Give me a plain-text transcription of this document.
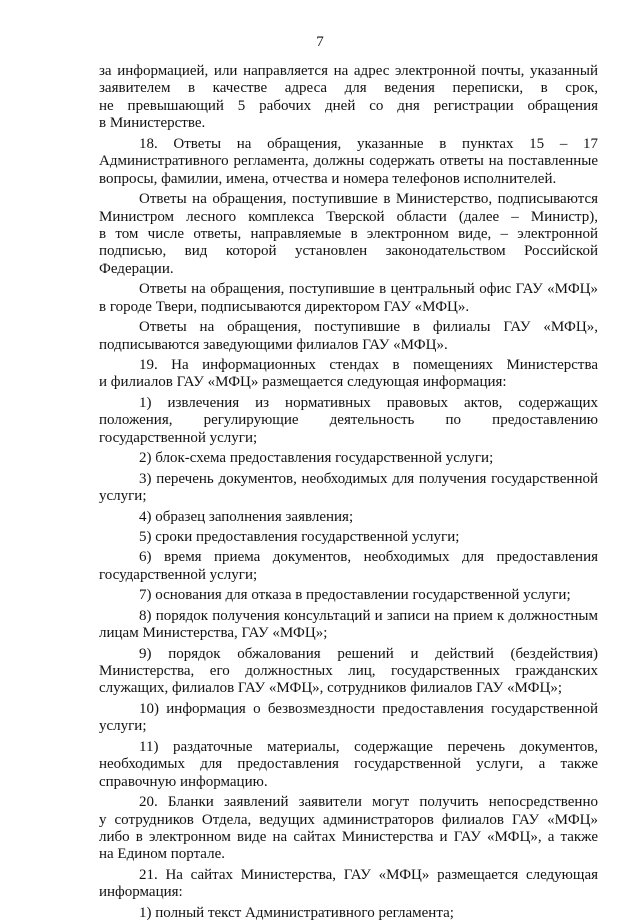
7
за информацией, или направляется на адрес электронной почты, указанный
заявителем в качестве адреса для ведения переписки, в срок,
не превышающий 5 рабочих дней со дня регистрации обращения
в Министерстве.
18. Ответы на обращения, указанные в пунктах 15 – 17
Административного регламента, должны содержать ответы на поставленные
вопросы, фамилии, имена, отчества и номера телефонов исполнителей.
Ответы на обращения, поступившие в Министерство, подписываются
Министром лесного комплекса Тверской области (далее – Министр),
в том числе ответы, направляемые в электронном виде, – электронной
подписью, вид которой установлен законодательством Российской
Федерации.
Ответы на обращения, поступившие в центральный офис ГАУ «МФЦ»
в городе Твери, подписываются директором ГАУ «МФЦ».
Ответы на обращения, поступившие в филиалы ГАУ «МФЦ»,
подписываются заведующими филиалов ГАУ «МФЦ».
19. На информационных стендах в помещениях Министерства
и филиалов ГАУ «МФЦ» размещается следующая информация:
1) извлечения из нормативных правовых актов, содержащих
положения, регулирующие деятельность по предоставлению
государственной услуги;
2) блок-схема предоставления государственной услуги;
3) перечень документов, необходимых для получения государственной
услуги;
4) образец заполнения заявления;
5) сроки предоставления государственной услуги;
6) время приема документов, необходимых для предоставления
государственной услуги;
7) основания для отказа в предоставлении государственной услуги;
8) порядок получения консультаций и записи на прием к должностным
лицам Министерства, ГАУ «МФЦ»;
9) порядок обжалования решений и действий (бездействия)
Министерства, его должностных лиц, государственных гражданских
служащих, филиалов ГАУ «МФЦ», сотрудников филиалов ГАУ «МФЦ»;
10) информация о безвозмездности предоставления государственной
услуги;
11) раздаточные материалы, содержащие перечень документов,
необходимых для предоставления государственной услуги, а также
справочную информацию.
20. Бланки заявлений заявители могут получить непосредственно
у сотрудников Отдела, ведущих администраторов филиалов ГАУ «МФЦ»
либо в электронном виде на сайтах Министерства и ГАУ «МФЦ», а также
на Едином портале.
21. На сайтах Министерства, ГАУ «МФЦ» размещается следующая
информация:
1) полный текст Административного регламента;
